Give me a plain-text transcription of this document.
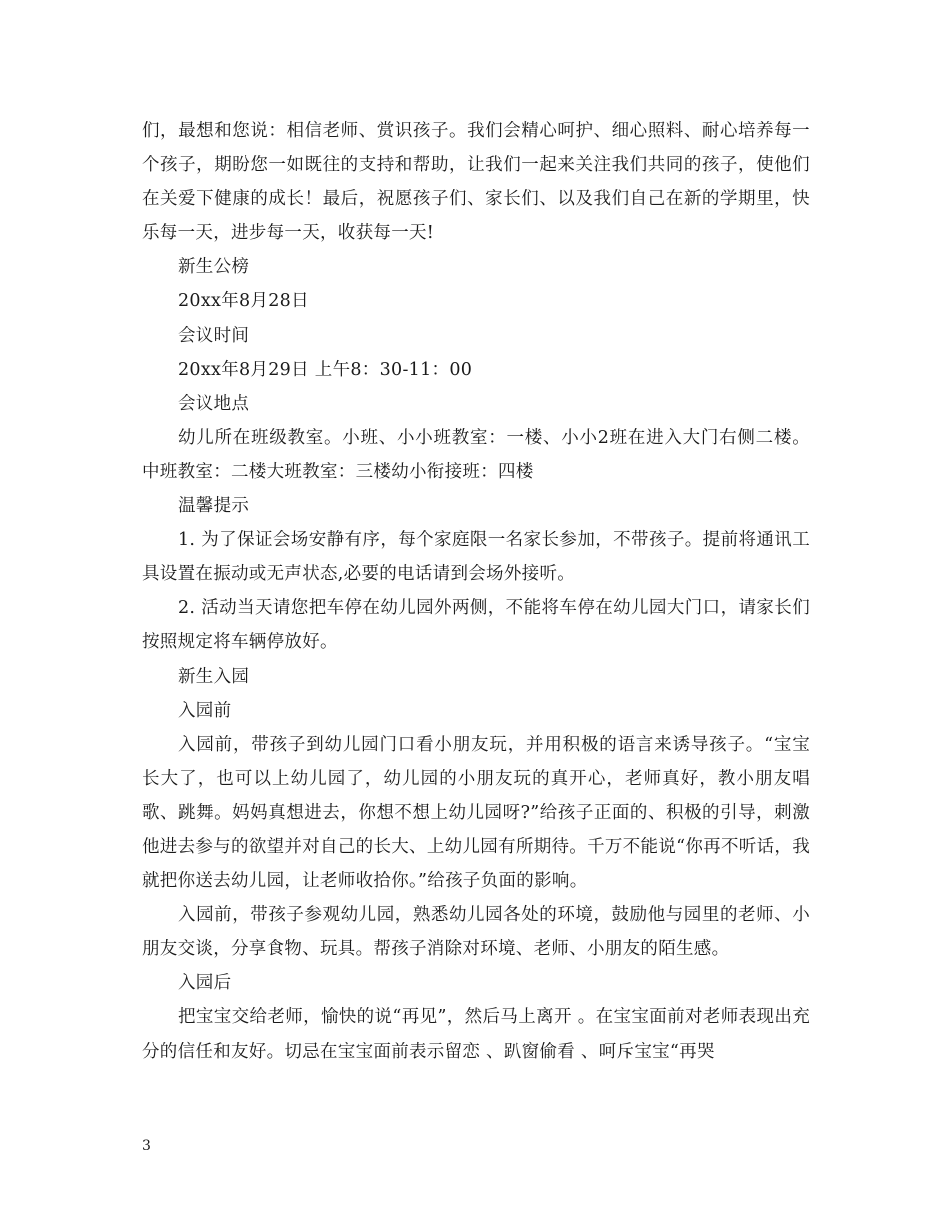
们，最想和您说：相信老师、赏识孩子。我们会精心呵护、细心照料、耐心培养每一个孩子，期盼您一如既往的支持和帮助，让我们一起来关注我们共同的孩子，使他们在关爱下健康的成长！最后，祝愿孩子们、家长们、以及我们自己在新的学期里，快乐每一天，进步每一天，收获每一天!

新生公榜

20xx年8月28日

会议时间

20xx年8月29日 上午8：30-11：00

会议地点

幼儿所在班级教室。小班、小小班教室：一楼、小小2班在进入大门右侧二楼。中班教室：二楼大班教室：三楼幼小衔接班：四楼

温馨提示

1. 为了保证会场安静有序，每个家庭限一名家长参加，不带孩子。提前将通讯工具设置在振动或无声状态,必要的电话请到会场外接听。

2. 活动当天请您把车停在幼儿园外两侧，不能将车停在幼儿园大门口，请家长们按照规定将车辆停放好。

新生入园

入园前

入园前，带孩子到幼儿园门口看小朋友玩，并用积极的语言来诱导孩子。“宝宝长大了，也可以上幼儿园了，幼儿园的小朋友玩的真开心，老师真好，教小朋友唱歌、跳舞。妈妈真想进去，你想不想上幼儿园呀?”给孩子正面的、积极的引导，刺激他进去参与的欲望并对自己的长大、上幼儿园有所期待。千万不能说“你再不听话，我就把你送去幼儿园，让老师收拾你。”给孩子负面的影响。

入园前，带孩子参观幼儿园，熟悉幼儿园各处的环境，鼓励他与园里的老师、小朋友交谈，分享食物、玩具。帮孩子消除对环境、老师、小朋友的陌生感。

入园后

把宝宝交给老师，愉快的说“再见”，然后马上离开 。在宝宝面前对老师表现出充分的信任和友好。切忌在宝宝面前表示留恋 、趴窗偷看 、呵斥宝宝“再哭

3
